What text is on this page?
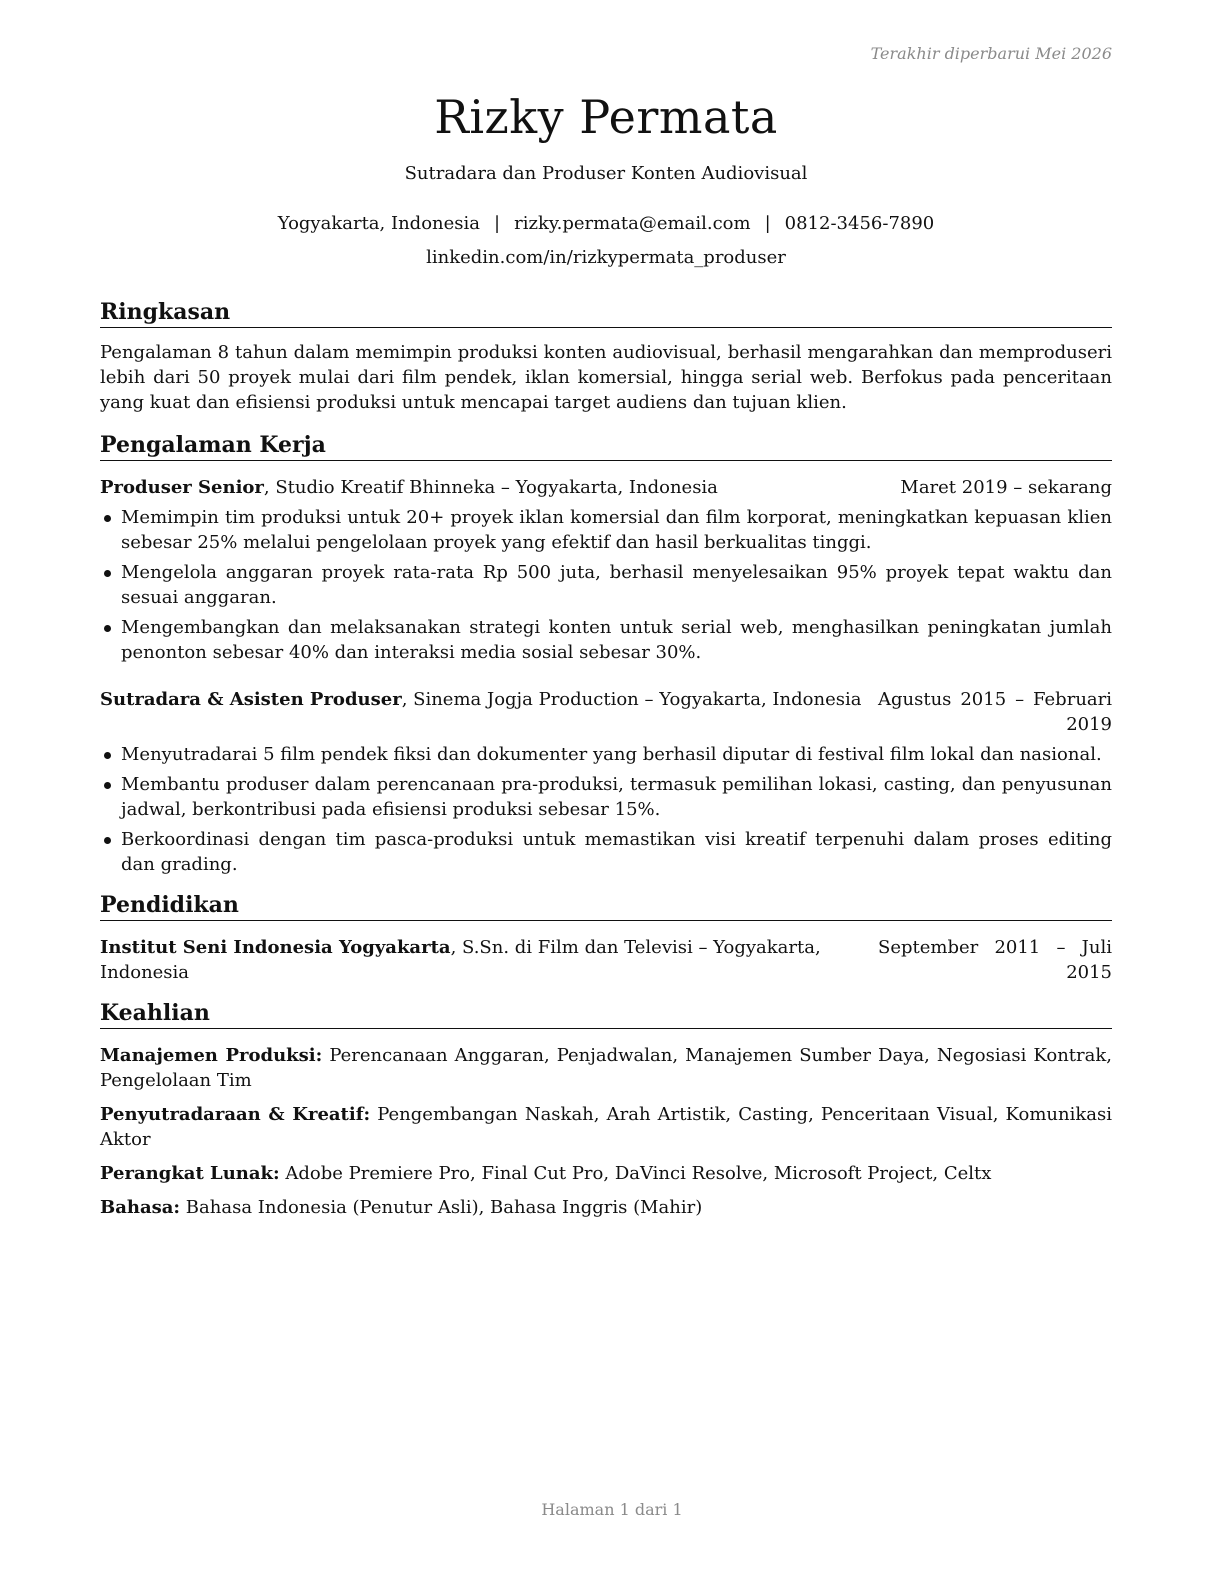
Terakhir diperbarui Mei 2026
Rizky Permata
Sutradara dan Produser Konten Audiovisual
Yogyakarta, Indonesia | rizky.permata@email.com | 0812-3456-7890
linkedin.com/in/rizkypermata_produser
Ringkasan
Pengalaman 8 tahun dalam memimpin produksi konten audiovisual, berhasil mengarahkan dan memproduseri lebih dari 50 proyek mulai dari film pendek, iklan komersial, hingga serial web. Berfokus pada penceritaan yang kuat dan efisiensi produksi untuk mencapai target audiens dan tujuan klien.
Pengalaman Kerja
Produser Senior, Studio Kreatif Bhinneka – Yogyakarta, Indonesia	Maret 2019 – sekarang
Memimpin tim produksi untuk 20+ proyek iklan komersial dan film korporat, meningkatkan kepuasan klien sebesar 25% melalui pengelolaan proyek yang efektif dan hasil berkualitas tinggi.
Mengelola anggaran proyek rata-rata Rp 500 juta, berhasil menyelesaikan 95% proyek tepat waktu dan sesuai anggaran.
Mengembangkan dan melaksanakan strategi konten untuk serial web, menghasilkan peningkatan jumlah penonton sebesar 40% dan interaksi media sosial sebesar 30%.
Sutradara & Asisten Produser, Sinema Jogja Production – Yogyakarta, Indonesia Agustus 2015 – Februari 2019
Menyutradarai 5 film pendek fiksi dan dokumenter yang berhasil diputar di festival film lokal dan nasional.
Membantu produser dalam perencanaan pra-produksi, termasuk pemilihan lokasi, casting, dan penyusunan jadwal, berkontribusi pada efisiensi produksi sebesar 15%.
Berkoordinasi dengan tim pasca-produksi untuk memastikan visi kreatif terpenuhi dalam proses editing dan grading.
Pendidikan
Institut Seni Indonesia Yogyakarta, S.Sn. di Film dan Televisi – Yogyakarta, Indonesia
September 2011 – Juli 2015
Keahlian
Manajemen Produksi: Perencanaan Anggaran, Penjadwalan, Manajemen Sumber Daya, Negosiasi Kontrak, Pengelolaan Tim
Penyutradaraan & Kreatif: Pengembangan Naskah, Arah Artistik, Casting, Penceritaan Visual, Komunikasi Aktor
Perangkat Lunak: Adobe Premiere Pro, Final Cut Pro, DaVinci Resolve, Microsoft Project, Celtx
Bahasa: Bahasa Indonesia (Penutur Asli), Bahasa Inggris (Mahir)
Halaman 1 dari 1
